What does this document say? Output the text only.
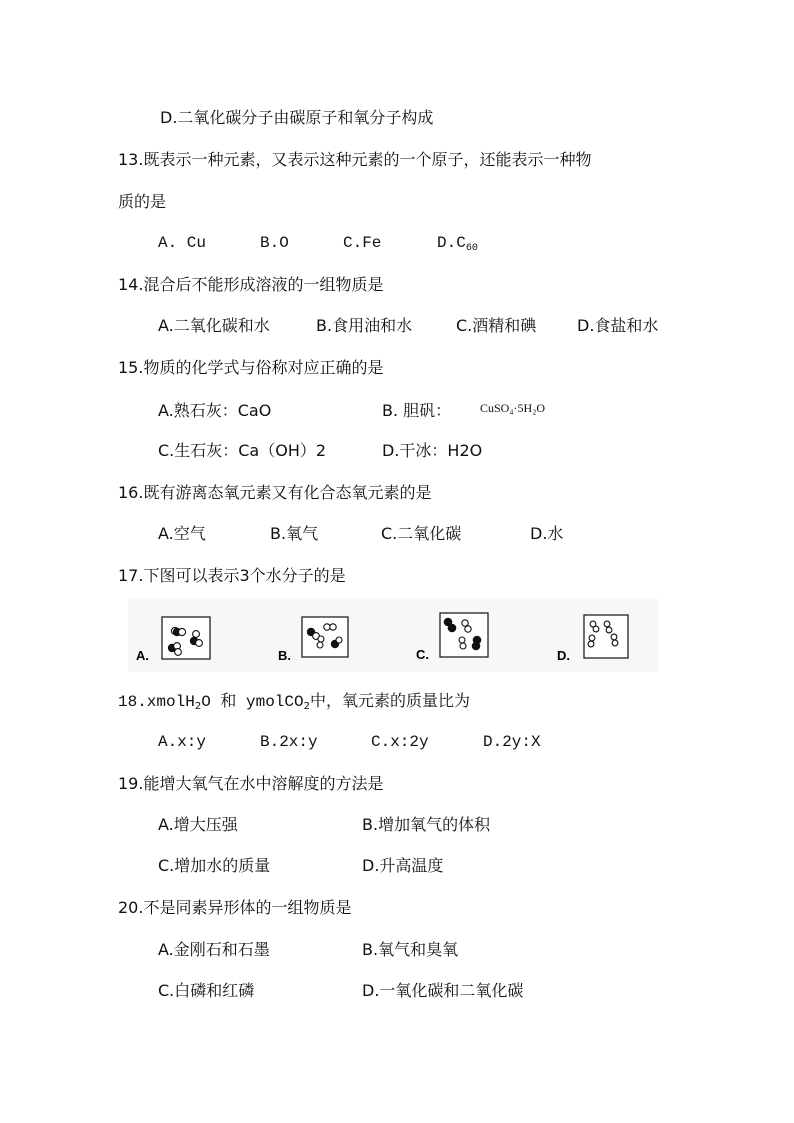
D.二氧化碳分子由碳原子和氧分子构成
13.既表示一种元素，又表示这种元素的一个原子，还能表示一种物
质的是
A. Cu	B.O	C.Fe	$D.C_{60}$
14.混合后不能形成溶液的一组物质是
A.二氧化碳和水	B.食用油和水	C.酒精和碘	D.食盐和水
15.物质的化学式与俗称对应正确的是
A.熟石灰：CaO	B. 胆矾： CuSO₄·5H₂O
C.生石灰：Ca（OH）2	D.干冰：H2O
16.既有游离态氧元素又有化合态氧元素的是
A.空气	B.氧气	C.二氧化碳	D.水
17.下图可以表示3个水分子的是
A.	B.	C.	D.
18.xmolH$_2$O 和 ymolCO$_2$中，氧元素的质量比为
A.x:y	B.2x:y	C.x:2y	D.2y:X
19.能增大氧气在水中溶解度的方法是
A.增大压强	B.增加氧气的体积
C.增加水的质量	D.升高温度
20.不是同素异形体的一组物质是
A.金刚石和石墨	B.氧气和臭氧
C.白磷和红磷	D.一氧化碳和二氧化碳
